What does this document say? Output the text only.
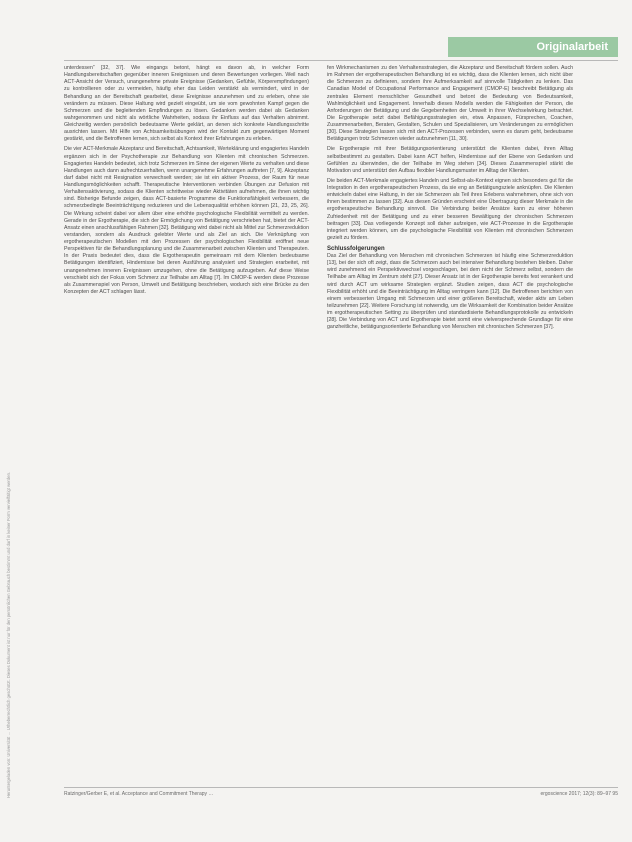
Originalarbeit
Heruntergeladen von: Universität … Urheberrechtlich geschützt. Dieses Dokument ist nur für den persönlichen Gebrauch bestimmt und darf in keiner Form vervielfältigt werden.

unterdessen“ [32, 37]. Wie eingangs betont, hängt es davon ab, in welcher Form Handlungsbereitschaften gegenüber inneren Ereignissen und deren Bewertungen vorliegen. Weil nach ACT-Ansicht der Versuch, unangenehme private Ereignisse (Gedanken, Gefühle, Körperempfindungen) zu kontrollieren oder zu vermeiden, häufig eher das Leiden verstärkt als vermindert, wird in der Behandlung an der Bereitschaft gearbeitet, diese Ereignisse anzunehmen und zu erleben, ohne sie verändern zu müssen. Diese Haltung wird gezielt eingeübt, um sie vom gewohnten Kampf gegen die Schmerzen und die begleitenden Empfindungen zu lösen. Gedanken werden dabei als Gedanken wahrgenommen und nicht als wörtliche Wahrheiten, sodass ihr Einfluss auf das Verhalten abnimmt. Gleichzeitig werden persönlich bedeutsame Werte geklärt, an denen sich konkrete Handlungsschritte ausrichten lassen. Mit Hilfe von Achtsamkeitsübungen wird der Kontakt zum gegenwärtigen Moment gestärkt, und die Betroffenen lernen, sich selbst als Kontext ihrer Erfahrungen zu erleben.

Die vier ACT-Merkmale Akzeptanz und Bereitschaft, Achtsamkeit, Werteklärung und engagiertes Handeln ergänzen sich in der Psychotherapie zur Behandlung von Klienten mit chronischen Schmerzen. Engagiertes Handeln bedeutet, sich trotz Schmerzen im Sinne der eigenen Werte zu verhalten und diese Handlungen auch dann aufrechtzuerhalten, wenn unangenehme Erfahrungen auftreten [7, 9]. Akzeptanz darf dabei nicht mit Resignation verwechselt werden; sie ist ein aktiver Prozess, der Raum für neue Handlungsmöglichkeiten schafft. Therapeutische Interventionen verbinden Übungen zur Defusion mit Verhaltensaktivierung, sodass die Klienten schrittweise wieder Aktivitäten aufnehmen, die ihnen wichtig sind. Bisherige Befunde zeigen, dass ACT-basierte Programme die Funktionsfähigkeit verbessern, die schmerzbedingte Beeinträchtigung reduzieren und die Lebensqualität erhöhen können [21, 23, 25, 26]. Die Wirkung scheint dabei vor allem über eine erhöhte psychologische Flexibilität vermittelt zu werden. Gerade in der Ergotherapie, die sich der Ermöglichung von Betätigung verschrieben hat, bietet der ACT-Ansatz einen anschlussfähigen Rahmen [32]. Betätigung wird dabei nicht als Mittel zur Schmerzreduktion verstanden, sondern als Ausdruck gelebter Werte und als Ziel an sich. Die Verknüpfung von ergotherapeutischen Modellen mit den Prozessen der psychologischen Flexibilität eröffnet neue Perspektiven für die Behandlungsplanung und die Zusammenarbeit zwischen Klienten und Therapeuten. In der Praxis bedeutet dies, dass die Ergotherapeutin gemeinsam mit dem Klienten bedeutsame Betätigungen identifiziert, Hindernisse bei deren Ausführung analysiert und Strategien erarbeitet, mit unangenehmen inneren Ereignissen umzugehen, ohne die Betätigung aufzugeben. Auf diese Weise verschiebt sich der Fokus vom Schmerz zur Teilhabe am Alltag [7]. Im CMOP-E werden diese Prozesse als Zusammenspiel von Person, Umwelt und Betätigung beschrieben, wodurch sich eine Brücke zu den Konzepten der ACT schlagen lässt.

fen Wirkmechanismen zu den Verhaltensstrategien, die Akzeptanz und Bereitschaft fördern sollen. Auch im Rahmen der ergotherapeutischen Behandlung ist es wichtig, dass die Klienten lernen, sich nicht über die Schmerzen zu definieren, sondern ihre Aufmerksamkeit auf sinnvolle Tätigkeiten zu lenken. Das Canadian Model of Occupational Performance and Engagement (CMOP-E) beschreibt Betätigung als zentrales Element menschlicher Gesundheit und betont die Bedeutung von Bedeutsamkeit, Wahlmöglichkeit und Engagement. Innerhalb dieses Modells werden die Fähigkeiten der Person, die Anforderungen der Betätigung und die Gegebenheiten der Umwelt in ihrer Wechselwirkung betrachtet. Die Ergotherapie setzt dabei Befähigungsstrategien ein, etwa Anpassen, Fürsprechen, Coachen, Zusammenarbeiten, Beraten, Gestalten, Schulen und Spezialisieren, um Veränderungen zu ermöglichen [30]. Diese Strategien lassen sich mit den ACT-Prozessen verbinden, wenn es darum geht, bedeutsame Betätigungen trotz Schmerzen wieder aufzunehmen [11, 30].

Die Ergotherapie mit ihrer Betätigungsorientierung unterstützt die Klienten dabei, ihren Alltag selbstbestimmt zu gestalten. Dabei kann ACT helfen, Hindernisse auf der Ebene von Gedanken und Gefühlen zu überwinden, die der Teilhabe im Weg stehen [34]. Dieses Zusammenspiel stärkt die Motivation und unterstützt den Aufbau flexibler Handlungsmuster im Alltag der Klienten.

Die beiden ACT-Merkmale engagiertes Handeln und Selbst-als-Kontext eignen sich besonders gut für die Integration in den ergotherapeutischen Prozess, da sie eng an Betätigungsziele anknüpfen. Die Klienten entwickeln dabei eine Haltung, in der sie Schmerzen als Teil ihres Erlebens wahrnehmen, ohne sich von ihnen bestimmen zu lassen [32]. Aus diesen Gründen erscheint eine Übertragung dieser Merkmale in die ergotherapeutische Behandlung sinnvoll. Die Verbindung beider Ansätze kann zu einer höheren Zufriedenheit mit der Betätigung und zu einer besseren Bewältigung der chronischen Schmerzen beitragen [33]. Das vorliegende Konzept soll daher aufzeigen, wie ACT-Prozesse in die Ergotherapie integriert werden können, um die psychologische Flexibilität von Klienten mit chronischen Schmerzen gezielt zu fördern.

Schlussfolgerungen

Das Ziel der Behandlung von Menschen mit chronischen Schmerzen ist häufig eine Schmerzreduktion [13], bei der sich oft zeigt, dass die Schmerzen auch bei intensiver Behandlung bestehen bleiben. Daher wird zunehmend ein Perspektivwechsel vorgeschlagen, bei dem nicht der Schmerz selbst, sondern die Teilhabe am Alltag im Zentrum steht [27]. Dieser Ansatz ist in der Ergotherapie bereits fest verankert und wird durch ACT um wirksame Strategien ergänzt. Studien zeigen, dass ACT die psychologische Flexibilität erhöht und die Beeinträchtigung im Alltag verringern kann [12]. Die Betroffenen berichten von einem verbesserten Umgang mit Schmerzen und einer größeren Bereitschaft, wieder aktiv am Leben teilzunehmen [22]. Weitere Forschung ist notwendig, um die Wirksamkeit der Kombination beider Ansätze im ergotherapeutischen Setting zu überprüfen und standardisierte Behandlungsprotokolle zu entwickeln [28]. Die Verbindung von ACT und Ergotherapie bietet somit eine vielversprechende Grundlage für eine ganzheitliche, betätigungsorientierte Behandlung von Menschen mit chronischen Schmerzen [37].

Ratzinger/Gerber E, et al. Acceptance and Commitment Therapy …	ergoscience 2017; 12(3): 89–97 95
